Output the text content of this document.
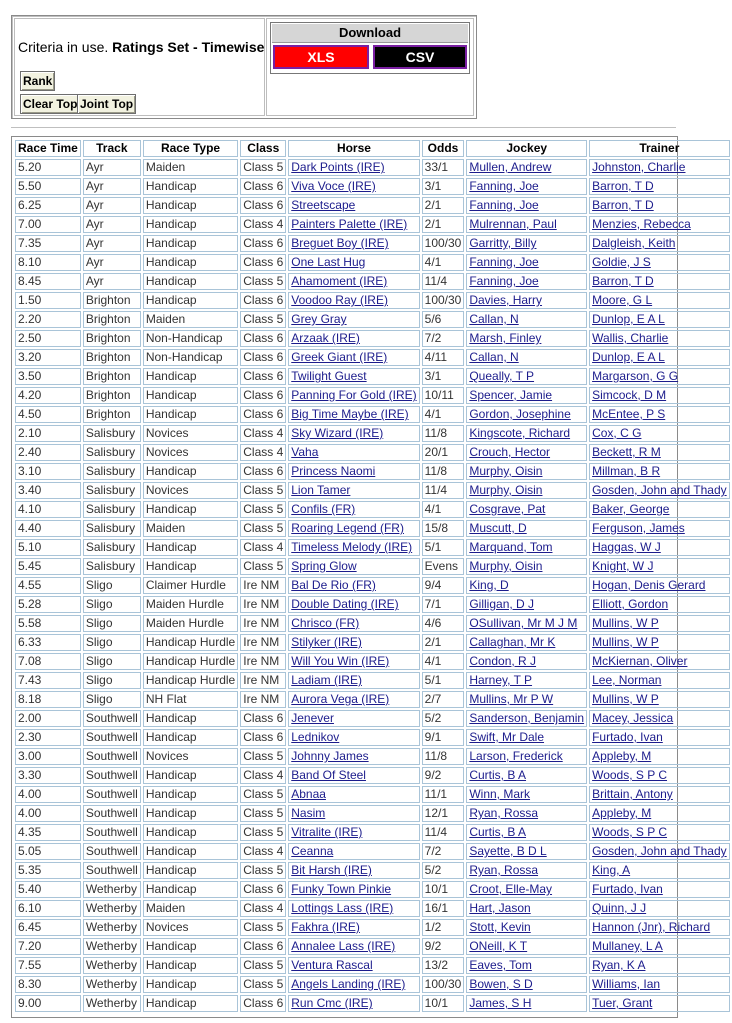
Criteria in use. Ratings Set - Timewise
Rank
Clear Top Joint Top
Download
XLS	CSV
Race Time	Track	Race Type	Class	Horse	Odds	Jockey	Trainer
5.20	Ayr	Maiden	Class 5	Dark Points (IRE)	33/1	Mullen, Andrew	Johnston, Charlie
5.50	Ayr	Handicap	Class 6	Viva Voce (IRE)	3/1	Fanning, Joe	Barron, T D
6.25	Ayr	Handicap	Class 6	Streetscape	2/1	Fanning, Joe	Barron, T D
7.00	Ayr	Handicap	Class 4	Painters Palette (IRE)	2/1	Mulrennan, Paul	Menzies, Rebecca
7.35	Ayr	Handicap	Class 6	Breguet Boy (IRE)	100/30	Garritty, Billy	Dalgleish, Keith
8.10	Ayr	Handicap	Class 6	One Last Hug	4/1	Fanning, Joe	Goldie, J S
8.45	Ayr	Handicap	Class 5	Ahamoment (IRE)	11/4	Fanning, Joe	Barron, T D
1.50	Brighton	Handicap	Class 6	Voodoo Ray (IRE)	100/30	Davies, Harry	Moore, G L
2.20	Brighton	Maiden	Class 5	Grey Gray	5/6	Callan, N	Dunlop, E A L
2.50	Brighton	Non-Handicap	Class 6	Arzaak (IRE)	7/2	Marsh, Finley	Wallis, Charlie
3.20	Brighton	Non-Handicap	Class 6	Greek Giant (IRE)	4/11	Callan, N	Dunlop, E A L
3.50	Brighton	Handicap	Class 6	Twilight Guest	3/1	Queally, T P	Margarson, G G
4.20	Brighton	Handicap	Class 6	Panning For Gold (IRE)	10/11	Spencer, Jamie	Simcock, D M
4.50	Brighton	Handicap	Class 6	Big Time Maybe (IRE)	4/1	Gordon, Josephine	McEntee, P S
2.10	Salisbury	Novices	Class 4	Sky Wizard (IRE)	11/8	Kingscote, Richard	Cox, C G
2.40	Salisbury	Novices	Class 4	Vaha	20/1	Crouch, Hector	Beckett, R M
3.10	Salisbury	Handicap	Class 6	Princess Naomi	11/8	Murphy, Oisin	Millman, B R
3.40	Salisbury	Novices	Class 5	Lion Tamer	11/4	Murphy, Oisin	Gosden, John and Thady
4.10	Salisbury	Handicap	Class 5	Confils (FR)	4/1	Cosgrave, Pat	Baker, George
4.40	Salisbury	Maiden	Class 5	Roaring Legend (FR)	15/8	Muscutt, D	Ferguson, James
5.10	Salisbury	Handicap	Class 4	Timeless Melody (IRE)	5/1	Marquand, Tom	Haggas, W J
5.45	Salisbury	Handicap	Class 5	Spring Glow	Evens	Murphy, Oisin	Knight, W J
4.55	Sligo	Claimer Hurdle	Ire NM	Bal De Rio (FR)	9/4	King, D	Hogan, Denis Gerard
5.28	Sligo	Maiden Hurdle	Ire NM	Double Dating (IRE)	7/1	Gilligan, D J	Elliott, Gordon
5.58	Sligo	Maiden Hurdle	Ire NM	Chrisco (FR)	4/6	OSullivan, Mr M J M	Mullins, W P
6.33	Sligo	Handicap Hurdle	Ire NM	Stilyker (IRE)	2/1	Callaghan, Mr K	Mullins, W P
7.08	Sligo	Handicap Hurdle	Ire NM	Will You Win (IRE)	4/1	Condon, R J	McKiernan, Oliver
7.43	Sligo	Handicap Hurdle	Ire NM	Ladiam (IRE)	5/1	Harney, T P	Lee, Norman
8.18	Sligo	NH Flat	Ire NM	Aurora Vega (IRE)	2/7	Mullins, Mr P W	Mullins, W P
2.00	Southwell	Handicap	Class 6	Jenever	5/2	Sanderson, Benjamin	Macey, Jessica
2.30	Southwell	Handicap	Class 6	Lednikov	9/1	Swift, Mr Dale	Furtado, Ivan
3.00	Southwell	Novices	Class 5	Johnny James	11/8	Larson, Frederick	Appleby, M
3.30	Southwell	Handicap	Class 4	Band Of Steel	9/2	Curtis, B A	Woods, S P C
4.00	Southwell	Handicap	Class 5	Abnaa	11/1	Winn, Mark	Brittain, Antony
4.00	Southwell	Handicap	Class 5	Nasim	12/1	Ryan, Rossa	Appleby, M
4.35	Southwell	Handicap	Class 5	Vitralite (IRE)	11/4	Curtis, B A	Woods, S P C
5.05	Southwell	Handicap	Class 4	Ceanna	7/2	Sayette, B D L	Gosden, John and Thady
5.35	Southwell	Handicap	Class 5	Bit Harsh (IRE)	5/2	Ryan, Rossa	King, A
5.40	Wetherby	Handicap	Class 6	Funky Town Pinkie	10/1	Croot, Elle-May	Furtado, Ivan
6.10	Wetherby	Maiden	Class 4	Lottings Lass (IRE)	16/1	Hart, Jason	Quinn, J J
6.45	Wetherby	Novices	Class 5	Fakhra (IRE)	1/2	Stott, Kevin	Hannon (Jnr), Richard
7.20	Wetherby	Handicap	Class 6	Annalee Lass (IRE)	9/2	ONeill, K T	Mullaney, L A
7.55	Wetherby	Handicap	Class 5	Ventura Rascal	13/2	Eaves, Tom	Ryan, K A
8.30	Wetherby	Handicap	Class 5	Angels Landing (IRE)	100/30	Bowen, S D	Williams, Ian
9.00	Wetherby	Handicap	Class 6	Run Cmc (IRE)	10/1	James, S H	Tuer, Grant
